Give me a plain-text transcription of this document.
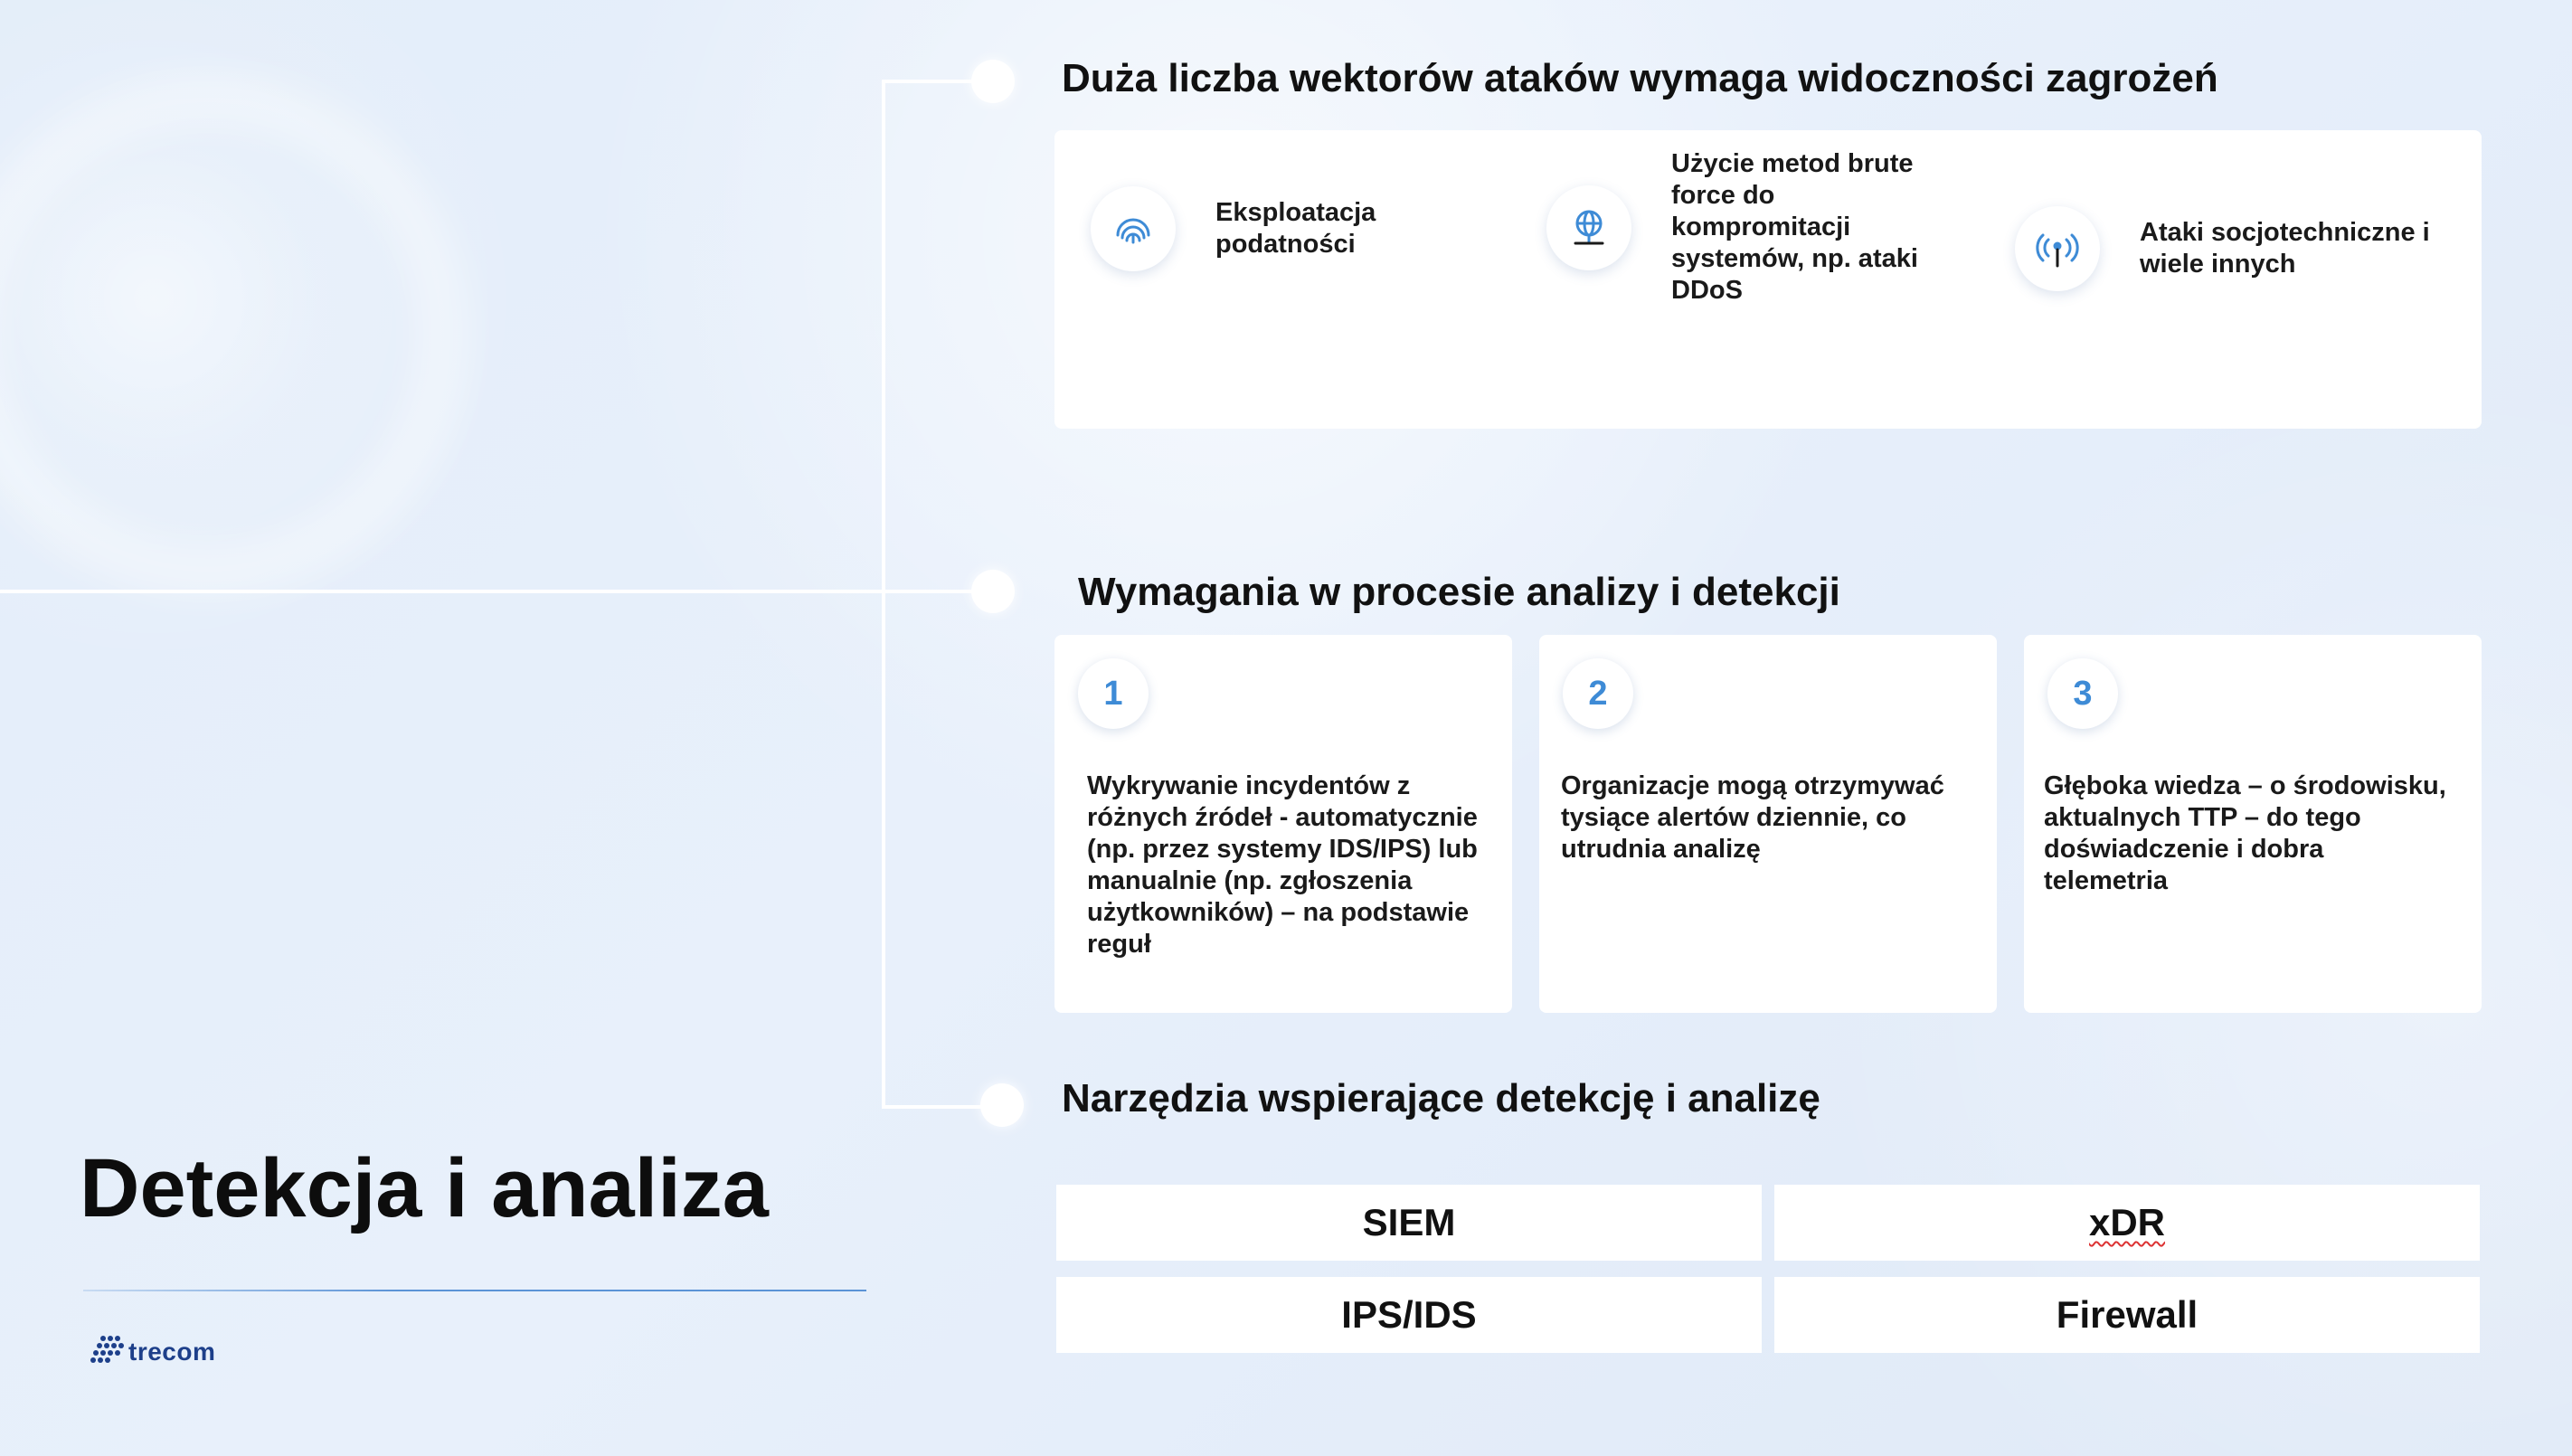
Duża liczba wektorów ataków wymaga widoczności zagrożeń
Eksploatacja podatności
Użycie metod brute force do kompromitacji systemów, np. ataki DDoS
Ataki socjotechniczne i wiele innych
Wymagania w procesie analizy i detekcji
1
Wykrywanie incydentów z różnych źródeł - automatycznie (np. przez systemy IDS/IPS) lub manualnie (np. zgłoszenia użytkowników) – na podstawie reguł
2
Organizacje mogą otrzymywać tysiące alertów dziennie, co utrudnia analizę
3
Głęboka wiedza – o środowisku, aktualnych TTP – do tego doświadczenie i dobra telemetria
Narzędzia wspierające detekcję i analizę
SIEM	xDR
IPS/IDS	Firewall
Detekcja i analiza
trecom
